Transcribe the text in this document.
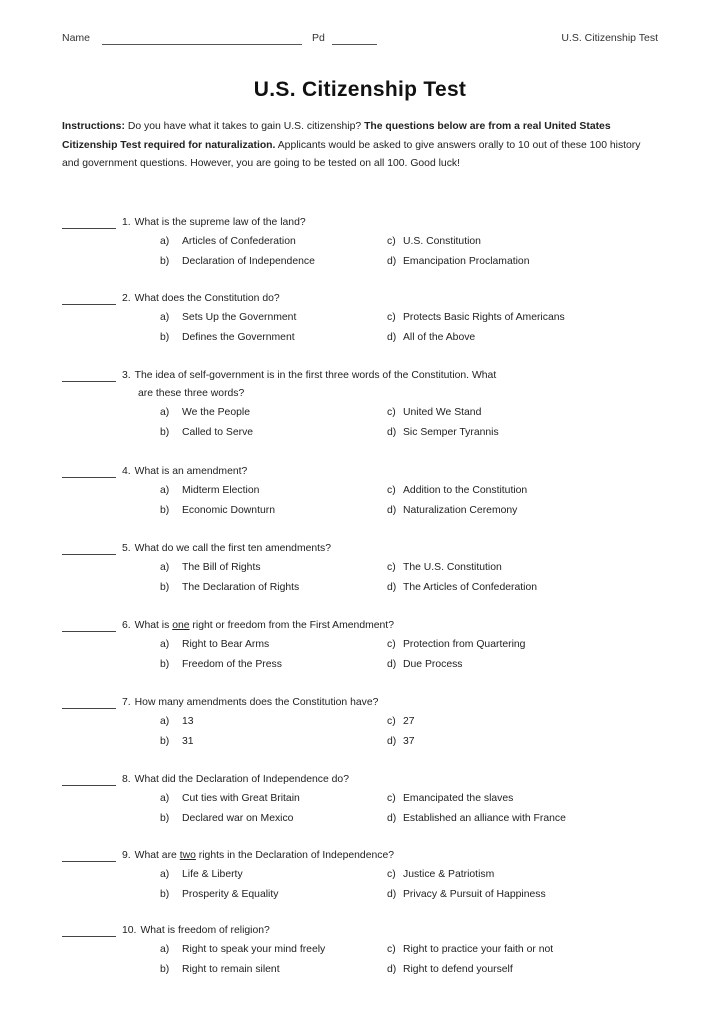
Name	Pd	U.S. Citizenship Test
U.S. Citizenship Test
Instructions: Do you have what it takes to gain U.S. citizenship? The questions below are from a real United States Citizenship Test required for naturalization. Applicants would be asked to give answers orally to 10 out of these 100 history and government questions. However, you are going to be tested on all 100. Good luck!
1. What is the supreme law of the land?
a) Articles of Confederation
b) Declaration of Independence
c) U.S. Constitution
d) Emancipation Proclamation
2. What does the Constitution do?
a) Sets Up the Government
b) Defines the Government
c) Protects Basic Rights of Americans
d) All of the Above
3. The idea of self-government is in the first three words of the Constitution. What
are these three words?
a) We the People
b) Called to Serve
c) United We Stand
d) Sic Semper Tyrannis
4. What is an amendment?
a) Midterm Election
b) Economic Downturn
c) Addition to the Constitution
d) Naturalization Ceremony
5. What do we call the first ten amendments?
a) The Bill of Rights
b) The Declaration of Rights
c) The U.S. Constitution
d) The Articles of Confederation
6. What is one right or freedom from the First Amendment?
a) Right to Bear Arms
b) Freedom of the Press
c) Protection from Quartering
d) Due Process
7. How many amendments does the Constitution have?
a) 13
b) 31
c) 27
d) 37
8. What did the Declaration of Independence do?
a) Cut ties with Great Britain
b) Declared war on Mexico
c) Emancipated the slaves
d) Established an alliance with France
9. What are two rights in the Declaration of Independence?
a) Life & Liberty
b) Prosperity & Equality
c) Justice & Patriotism
d) Privacy & Pursuit of Happiness
10. What is freedom of religion?
a) Right to speak your mind freely
b) Right to remain silent
c) Right to practice your faith or not
d) Right to defend yourself
